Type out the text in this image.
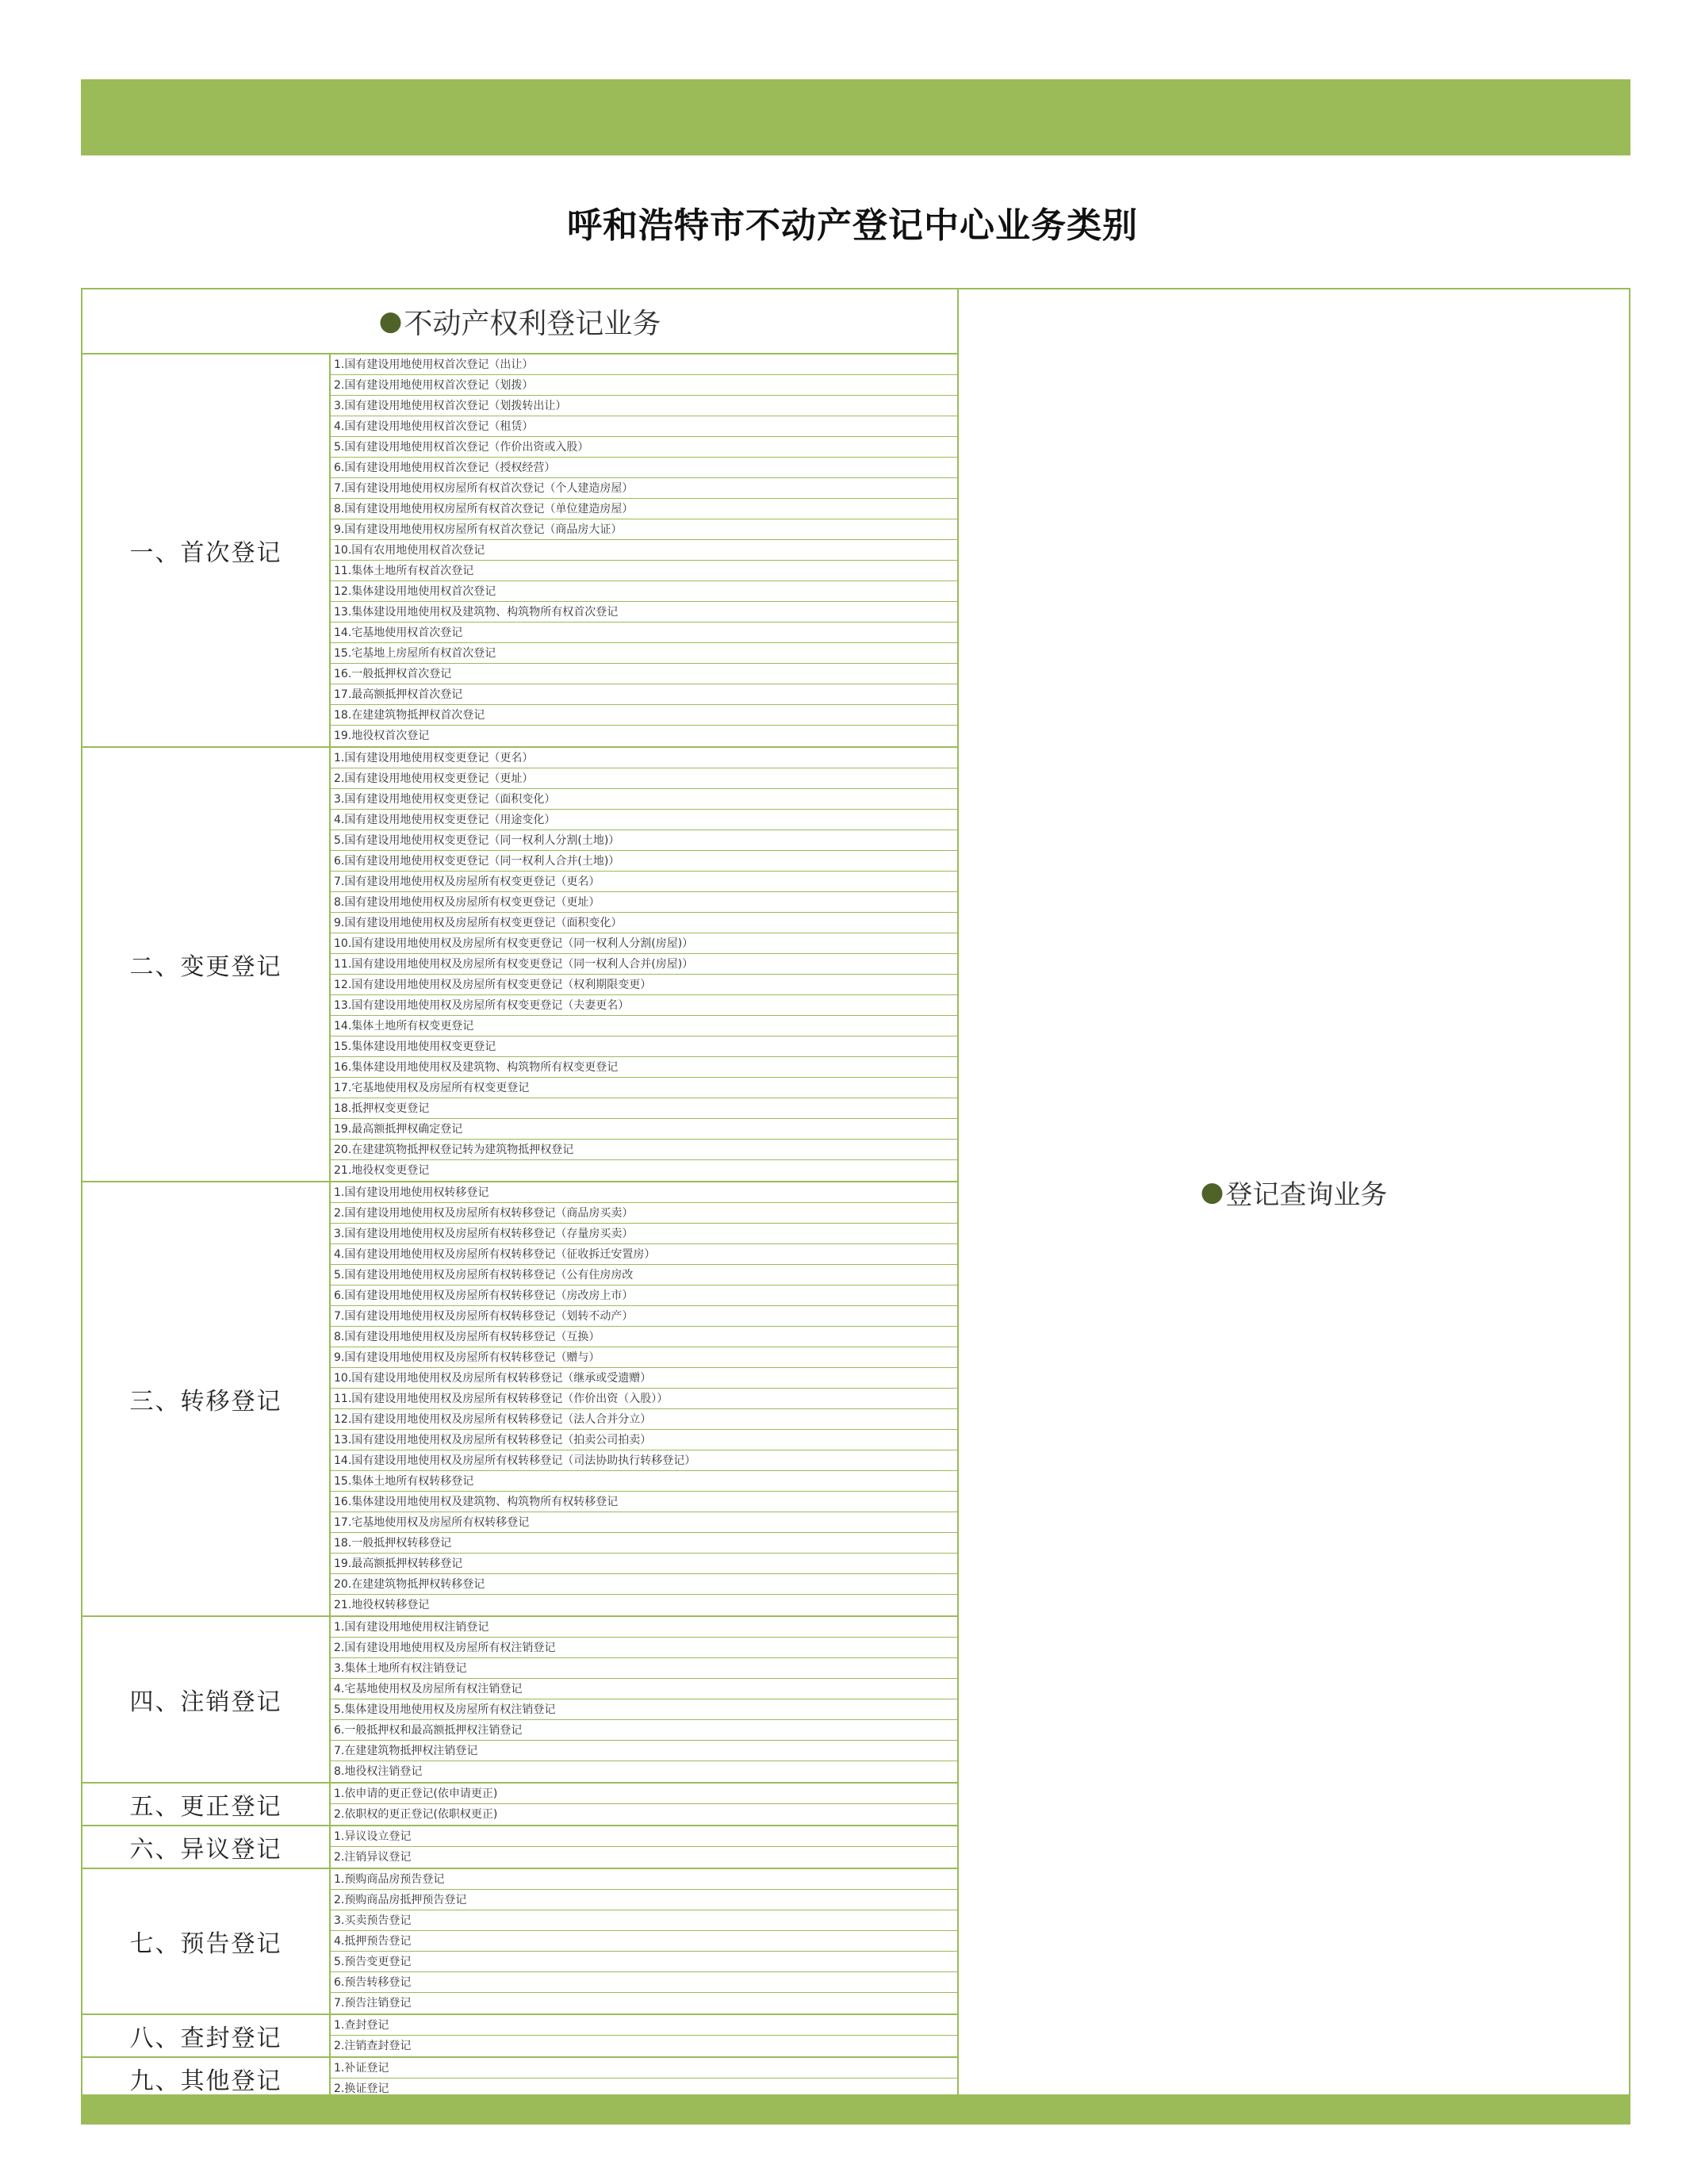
呼和浩特市不动产登记中心业务类别
● 不动产权利登记业务
一、首次登记
1.国有建设用地使用权首次登记（出让）
2.国有建设用地使用权首次登记（划拨）
3.国有建设用地使用权首次登记（划拨转出让）
4.国有建设用地使用权首次登记（租赁）
5.国有建设用地使用权首次登记（作价出资或入股）
6.国有建设用地使用权首次登记（授权经营）
7.国有建设用地使用权房屋所有权首次登记（个人建造房屋）
8.国有建设用地使用权房屋所有权首次登记（单位建造房屋）
9.国有建设用地使用权房屋所有权首次登记（商品房大证）
10.国有农用地使用权首次登记
11.集体土地所有权首次登记
12.集体建设用地使用权首次登记
13.集体建设用地使用权及建筑物、构筑物所有权首次登记
14.宅基地使用权首次登记
15.宅基地上房屋所有权首次登记
16.一般抵押权首次登记
17.最高额抵押权首次登记
18.在建建筑物抵押权首次登记
19.地役权首次登记
二、变更登记
1.国有建设用地使用权变更登记（更名）
2.国有建设用地使用权变更登记（更址）
3.国有建设用地使用权变更登记（面积变化）
4.国有建设用地使用权变更登记（用途变化）
5.国有建设用地使用权变更登记（同一权利人分割(土地)）
6.国有建设用地使用权变更登记（同一权利人合并(土地)）
7.国有建设用地使用权及房屋所有权变更登记（更名）
8.国有建设用地使用权及房屋所有权变更登记（更址）
9.国有建设用地使用权及房屋所有权变更登记（面积变化）
10.国有建设用地使用权及房屋所有权变更登记（同一权利人分割(房屋)）
11.国有建设用地使用权及房屋所有权变更登记（同一权利人合并(房屋)）
12.国有建设用地使用权及房屋所有权变更登记（权利期限变更）
13.国有建设用地使用权及房屋所有权变更登记（夫妻更名）
14.集体土地所有权变更登记
15.集体建设用地使用权变更登记
16.集体建设用地使用权及建筑物、构筑物所有权变更登记
17.宅基地使用权及房屋所有权变更登记
18.抵押权变更登记
19.最高额抵押权确定登记
20.在建建筑物抵押权登记转为建筑物抵押权登记
21.地役权变更登记
三、转移登记
1.国有建设用地使用权转移登记
2.国有建设用地使用权及房屋所有权转移登记（商品房买卖）
3.国有建设用地使用权及房屋所有权转移登记（存量房买卖）
4.国有建设用地使用权及房屋所有权转移登记（征收拆迁安置房）
5.国有建设用地使用权及房屋所有权转移登记（公有住房房改
6.国有建设用地使用权及房屋所有权转移登记（房改房上市）
7.国有建设用地使用权及房屋所有权转移登记（划转不动产）
8.国有建设用地使用权及房屋所有权转移登记（互换）
9.国有建设用地使用权及房屋所有权转移登记（赠与）
10.国有建设用地使用权及房屋所有权转移登记（继承或受遗赠）
11.国有建设用地使用权及房屋所有权转移登记（作价出资（入股））
12.国有建设用地使用权及房屋所有权转移登记（法人合并分立）
13.国有建设用地使用权及房屋所有权转移登记（拍卖公司拍卖）
14.国有建设用地使用权及房屋所有权转移登记（司法协助执行转移登记）
15.集体土地所有权转移登记
16.集体建设用地使用权及建筑物、构筑物所有权转移登记
17.宅基地使用权及房屋所有权转移登记
18.一般抵押权转移登记
19.最高额抵押权转移登记
20.在建建筑物抵押权转移登记
21.地役权转移登记
四、注销登记
1.国有建设用地使用权注销登记
2.国有建设用地使用权及房屋所有权注销登记
3.集体土地所有权注销登记
4.宅基地使用权及房屋所有权注销登记
5.集体建设用地使用权及房屋所有权注销登记
6.一般抵押权和最高额抵押权注销登记
7.在建建筑物抵押权注销登记
8.地役权注销登记
五、更正登记	1.依申请的更正登记(依申请更正)
2.依职权的更正登记(依职权更正)
六、异议登记	1.异议设立登记
2.注销异议登记
七、预告登记
1.预购商品房预告登记
2.预购商品房抵押预告登记
3.买卖预告登记
4.抵押预告登记
5.预告变更登记
6.预告转移登记
7.预告注销登记
八、查封登记	1.查封登记
2.注销查封登记
九、其他登记	1.补证登记
2.换证登记
● 登记查询业务
